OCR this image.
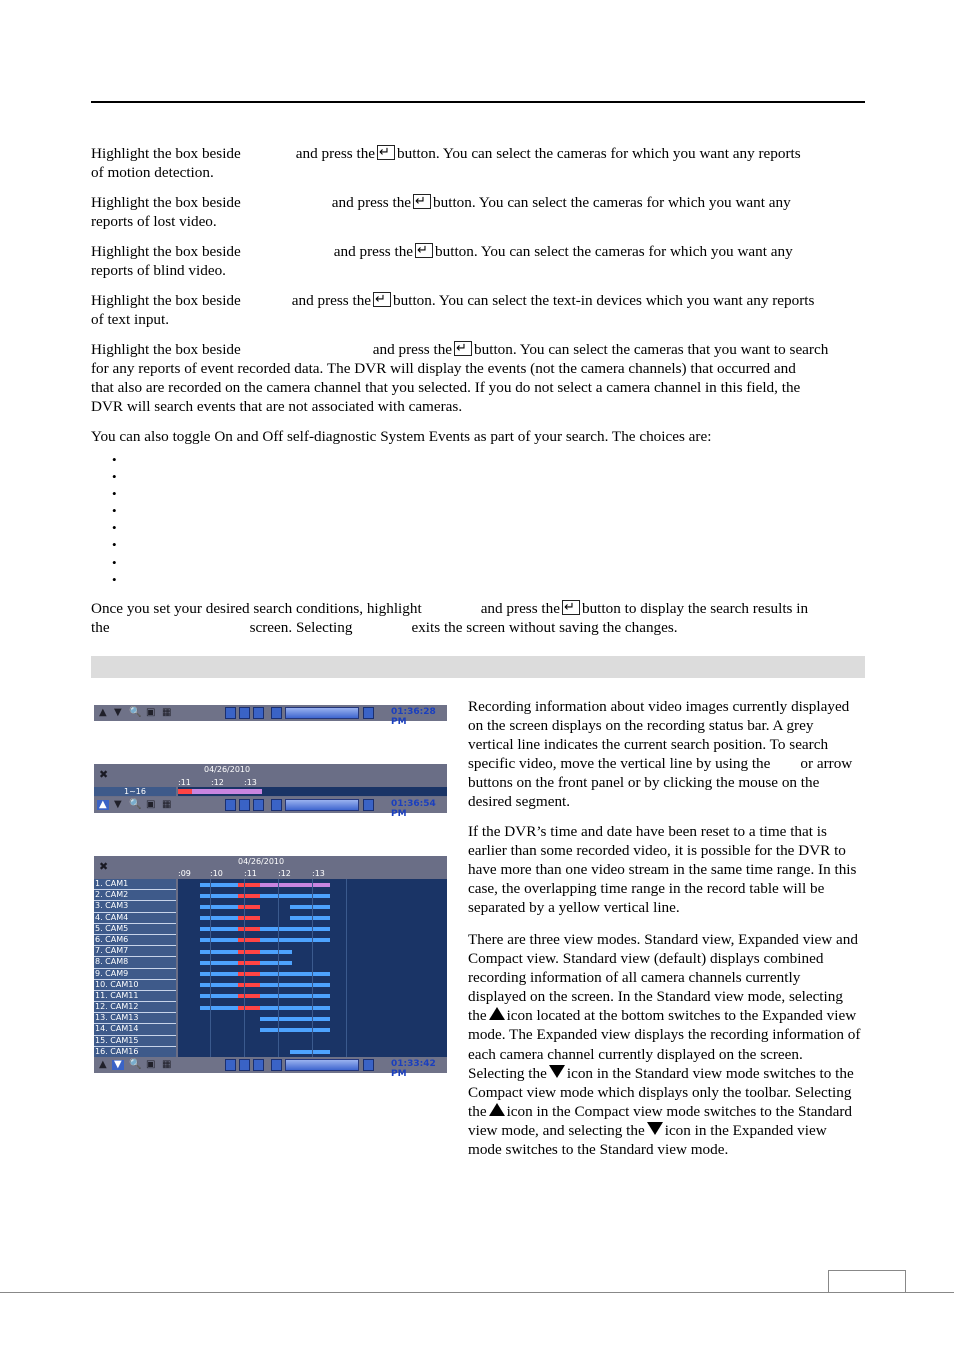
Highlight the box beside	and press the ↵ button. You can select the cameras for which you want any reports
of motion detection.
Highlight the box beside	and press the ↵ button. You can select the cameras for which you want any
reports of lost video.
Highlight the box beside	and press the ↵ button. You can select the cameras for which you want any
reports of blind video.
Highlight the box beside	and press the ↵ button. You can select the text-in devices which you want any reports
of text input.
Highlight the box beside	and press the ↵ button. You can select the cameras that you want to search
for any reports of event recorded data. The DVR will display the events (not the camera channels) that occurred and
that also are recorded on the camera channel that you selected. If you do not select a camera channel in this field, the
DVR will search events that are not associated with cameras.
You can also toggle On and Off self-diagnostic System Events as part of your search. The choices are:
Once you set your desired search conditions, highlight	and press the ↵ button to display the search results in
the	screen. Selecting	exits the screen without saving the changes.
▲ ▼ 🔍 ▣ ▦	01:36:28 PM
✖	04/26/2010
1~16
▲ ▼ 🔍 ▣ ▦	01:36:54 PM
:11	:12	:13
✖	04/26/2010
:09 :10	:11	:12	:13
1. CAM1
2. CAM2
3. CAM3
4. CAM4
5. CAM5
6. CAM6
7. CAM7
8. CAM8
9. CAM9
10. CAM10
11. CAM11
12. CAM12
13. CAM13
14. CAM14
15. CAM15
16. CAM16
▲ ▼ 🔍 ▣ ▦	01:33:42 PM
Recording information about video images currently displayed on the screen displays on the recording status bar. A grey vertical line indicates the current search position. To search specific video, move the vertical line by using the or arrow buttons on the front panel or by clicking the mouse on the desired segment.
If the DVR’s time and date have been reset to a time that is earlier than some recorded video, it is possible for the DVR to have more than one video stream in the same time range. In this case, the overlapping time range in the record table will be separated by a yellow vertical line.
There are three view modes. Standard view, Expanded view and Compact view. Standard view (default) displays combined recording information of all camera channels currently displayed on the screen. In the Standard view mode, selecting the icon located at the bottom switches to the Expanded view mode. The Expanded view displays the recording information of each camera channel currently displayed on the screen. Selecting the icon in the Standard view mode switches to the Compact view mode which displays only the toolbar. Selecting the icon in the Compact view mode switches to the Standard view mode, and selecting the icon in the Expanded view mode switches to the Standard view mode.
